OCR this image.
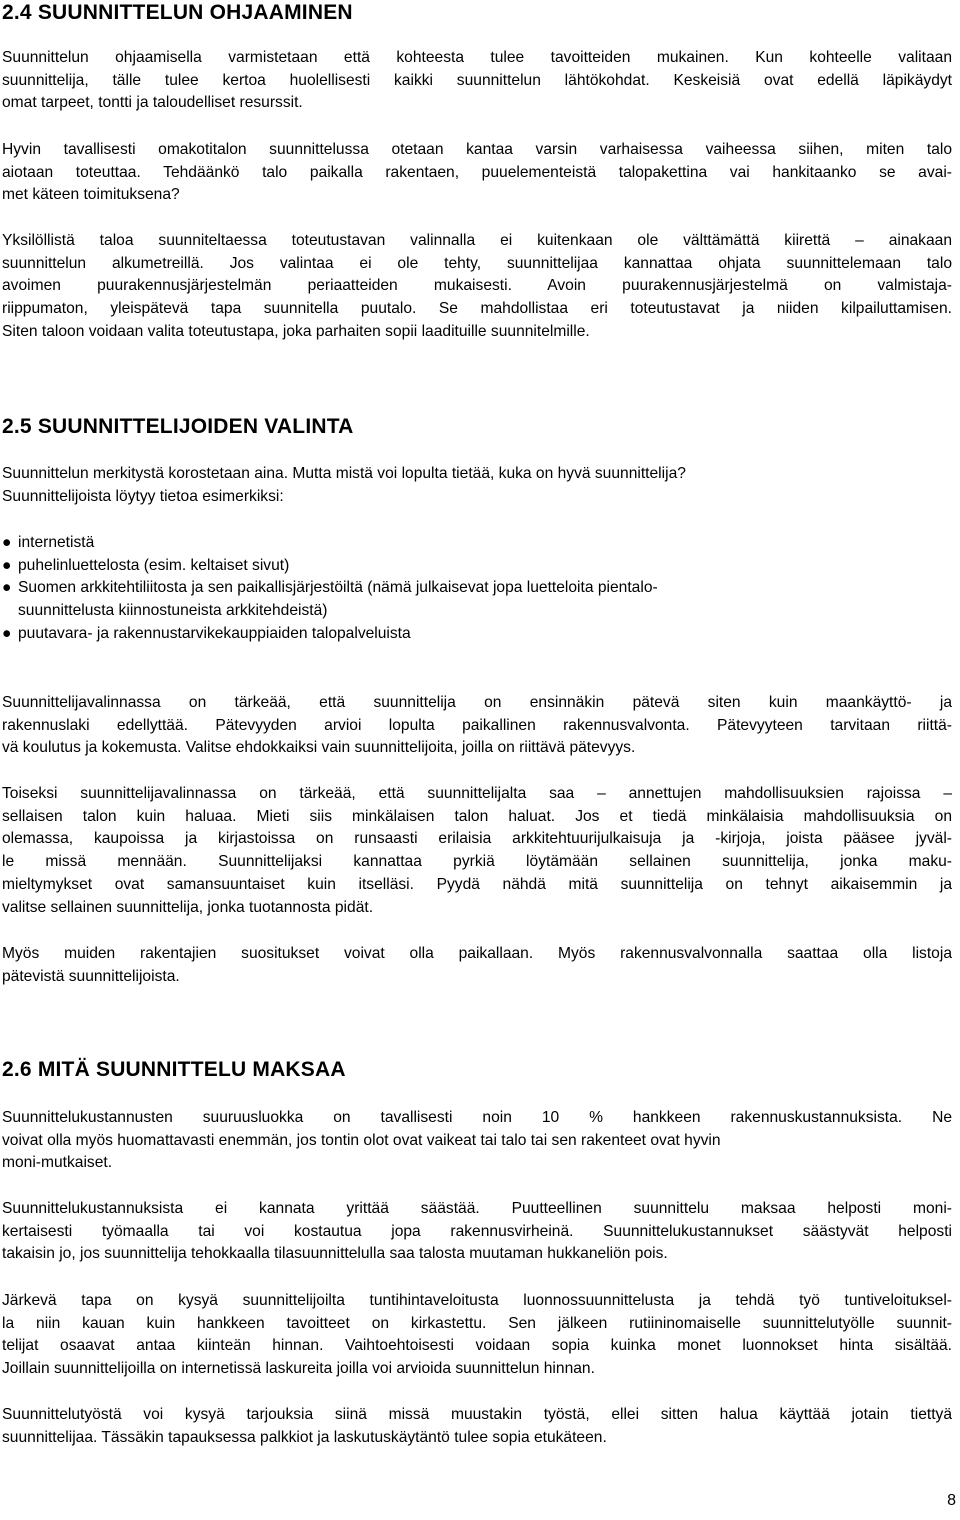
2.4 SUUNNITTELUN OHJAAMINEN
Suunnittelun ohjaamisella varmistetaan että kohteesta tulee tavoitteiden mukainen. Kun kohteelle valitaan
suunnittelija, tälle tulee kertoa huolellisesti kaikki suunnittelun lähtökohdat. Keskeisiä ovat edellä läpikäydyt
omat tarpeet, tontti ja taloudelliset resurssit.
Hyvin tavallisesti omakotitalon suunnittelussa otetaan kantaa varsin varhaisessa vaiheessa siihen, miten talo
aiotaan toteuttaa. Tehdäänkö talo paikalla rakentaen, puuelementeistä talopakettina vai hankitaanko se avai-
met käteen toimituksena?
Yksilöllistä taloa suunniteltaessa toteutustavan valinnalla ei kuitenkaan ole välttämättä kiirettä – ainakaan
suunnittelun alkumetreillä. Jos valintaa ei ole tehty, suunnittelijaa kannattaa ohjata suunnittelemaan talo
avoimen puurakennusjärjestelmän periaatteiden mukaisesti. Avoin puurakennusjärjestelmä on valmistaja-
riippumaton, yleispätevä tapa suunnitella puutalo. Se mahdollistaa eri toteutustavat ja niiden kilpailuttamisen.
Siten taloon voidaan valita toteutustapa, joka parhaiten sopii laadituille suunnitelmille.
2.5 SUUNNITTELIJOIDEN VALINTA
Suunnittelun merkitystä korostetaan aina. Mutta mistä voi lopulta tietää, kuka on hyvä suunnittelija?
Suunnittelijoista löytyy tietoa esimerkiksi:
● internetistä
● puhelinluettelosta (esim. keltaiset sivut)
● Suomen arkkitehtiliitosta ja sen paikallisjärjestöiltä (nämä julkaisevat jopa luetteloita pientalo-
suunnittelusta kiinnostuneista arkkitehdeistä)
● puutavara- ja rakennustarvikekauppiaiden talopalveluista
Suunnittelijavalinnassa on tärkeää, että suunnittelija on ensinnäkin pätevä siten kuin maankäyttö- ja
rakennuslaki edellyttää. Pätevyyden arvioi lopulta paikallinen rakennusvalvonta. Pätevyyteen tarvitaan riittä-
vä koulutus ja kokemusta. Valitse ehdokkaiksi vain suunnittelijoita, joilla on riittävä pätevyys.
Toiseksi suunnittelijavalinnassa on tärkeää, että suunnittelijalta saa – annettujen mahdollisuuksien rajoissa –
sellaisen talon kuin haluaa. Mieti siis minkälaisen talon haluat. Jos et tiedä minkälaisia mahdollisuuksia on
olemassa, kaupoissa ja kirjastoissa on runsaasti erilaisia arkkitehtuurijulkaisuja ja -kirjoja, joista pääsee jyväl-
le missä mennään. Suunnittelijaksi kannattaa pyrkiä löytämään sellainen suunnittelija, jonka maku-
mieltymykset ovat samansuuntaiset kuin itselläsi. Pyydä nähdä mitä suunnittelija on tehnyt aikaisemmin ja
valitse sellainen suunnittelija, jonka tuotannosta pidät.
Myös muiden rakentajien suositukset voivat olla paikallaan. Myös rakennusvalvonnalla saattaa olla listoja
pätevistä suunnittelijoista.
2.6 MITÄ SUUNNITTELU MAKSAA
Suunnittelukustannusten suuruusluokka on tavallisesti noin 10 % hankkeen rakennuskustannuksista. Ne
voivat olla myös huomattavasti enemmän, jos tontin olot ovat vaikeat tai talo tai sen rakenteet ovat hyvin
moni-mutkaiset.
Suunnittelukustannuksista ei kannata yrittää säästää. Puutteellinen suunnittelu maksaa helposti moni-
kertaisesti työmaalla tai voi kostautua jopa rakennusvirheinä. Suunnittelukustannukset säästyvät helposti
takaisin jo, jos suunnittelija tehokkaalla tilasuunnittelulla saa talosta muutaman hukkaneliön pois.
Järkevä tapa on kysyä suunnittelijoilta tuntihintaveloitusta luonnossuunnittelusta ja tehdä työ tuntiveloituksel-
la niin kauan kuin hankkeen tavoitteet on kirkastettu. Sen jälkeen rutiininomaiselle suunnittelutyölle suunnit-
telijat osaavat antaa kiinteän hinnan. Vaihtoehtoisesti voidaan sopia kuinka monet luonnokset hinta sisältää.
Joillain suunnittelijoilla on internetissä laskureita joilla voi arvioida suunnittelun hinnan.
Suunnittelutyöstä voi kysyä tarjouksia siinä missä muustakin työstä, ellei sitten halua käyttää jotain tiettyä
suunnittelijaa. Tässäkin tapauksessa palkkiot ja laskutuskäytäntö tulee sopia etukäteen.
8
